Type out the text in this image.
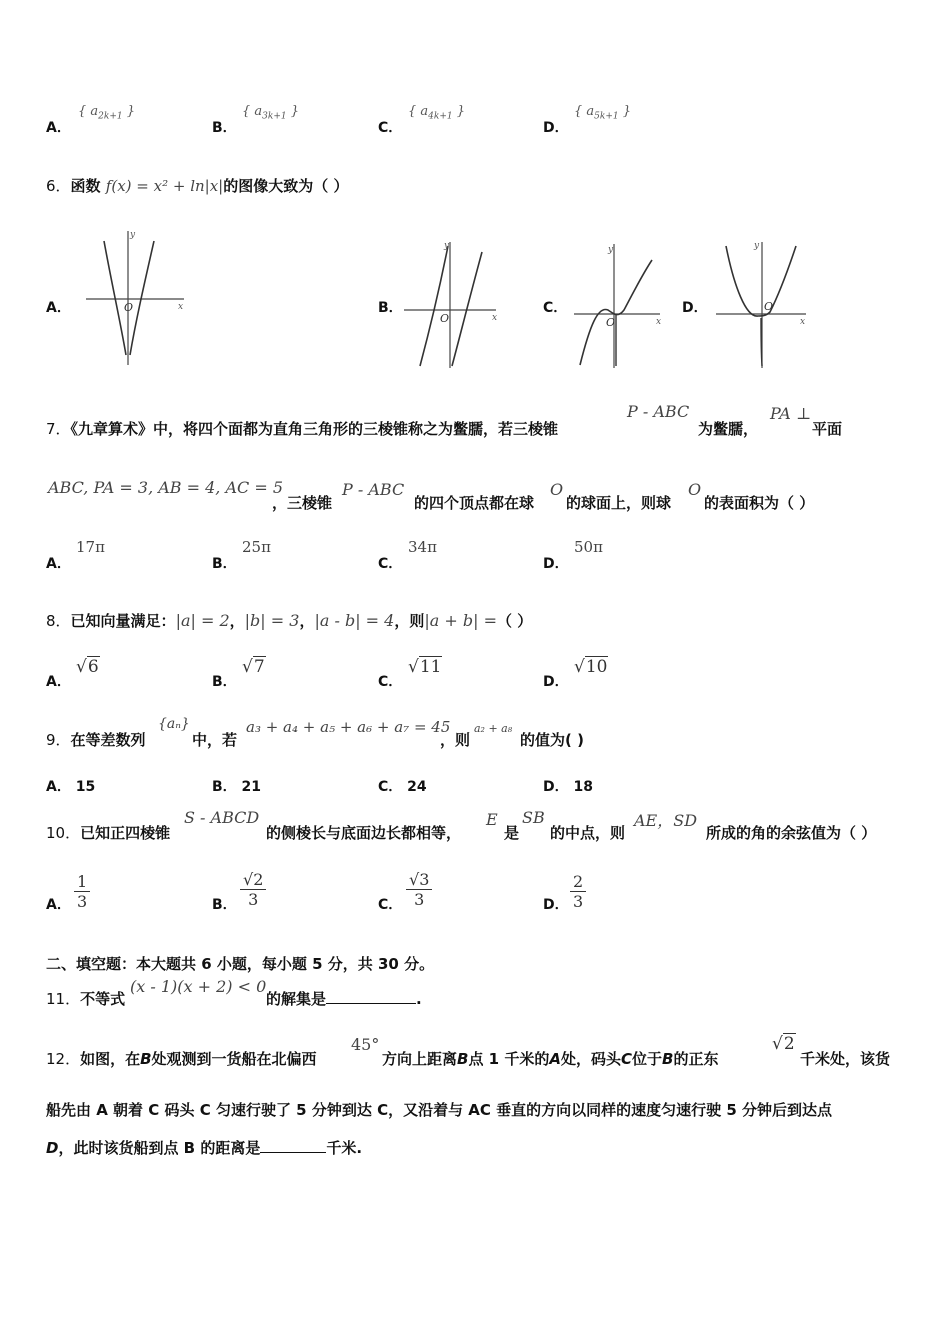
A．
{ $a_{2k+1}$ }
B．
{ $a_{3k+1}$ }
C．
{ $a_{4k+1}$ }
D．
{ $a_{5k+1}$ }
6．函数 f(x) = x² + ln|x|的图像大致为（ ）
A．	O	x
y
B．
O	x
y
C．
O	x
y
D．	O
x
y
7．《九章算术》中，将四个面都为直角三角形的三棱锥称之为鳖臑，若三棱锥
P - ABC
为鳖臑，
PA ⊥
平面
ABC, PA = 3, AB = 4, AC = 5
，三棱锥
P - ABC
的四个顶点都在球
O
的球面上，则球
O
的表面积为（ ）
A．
17π
B．
25π
C．
34π
D．
50π
8．已知向量满足：|a| = 2，|b| = 3，|a - b| = 4，则|a + b| =（ ）
A．
√6
B．
√7
C．
√11
D．
√10
9．在等差数列
{aₙ}
中，若
a₃ + a₄ + a₅ + a₆ + a₇ = 45
，则
a₂ + a₈
的值为( )
A． 15	B． 21	C． 24	D． 18
10．已知正四棱锥
S - ABCD
的侧棱长与底面边长都相等，
E
是
SB
的中点，则
AE，SD
所成的角的余弦值为（ ）
A． $\frac{1}{3}$	B． $\frac{√2}{3}$	C． $\frac{√3}{3}$	D． $\frac{2}{3}$
二、填空题：本大题共 6 小题，每小题 5 分，共 30 分。
11．不等式
(x - 1)(x + 2) < 0
的解集是	.
12．如图，在B处观测到一货船在北偏西
45°
方向上距离B点 1 千米的A处，码头C位于B的正东
√2
千米处，该货
船先由 A 朝着 C 码头 C 匀速行驶了 5 分钟到达 C，又沿着与 AC 垂直的方向以同样的速度匀速行驶 5 分钟后到达点
D，此时该货船到点 B 的距离是	千米.
